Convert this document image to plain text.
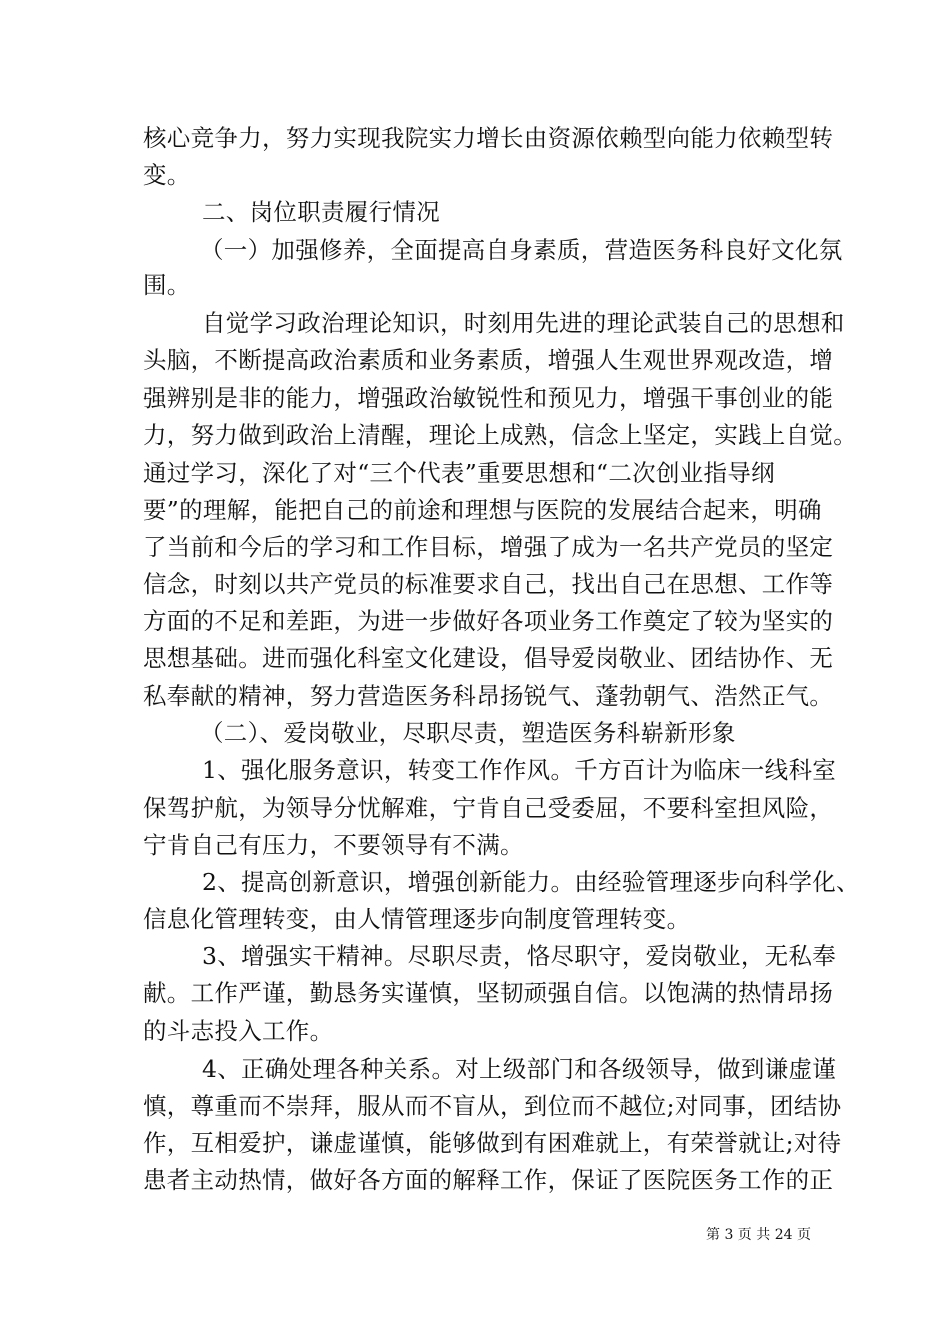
核心竞争力，努力实现我院实力增长由资源依赖型向能力依赖型转
变。
二、岗位职责履行情况
（一）加强修养，全面提高自身素质，营造医务科良好文化氛
围。
自觉学习政治理论知识，时刻用先进的理论武装自己的思想和
头脑，不断提高政治素质和业务素质，增强人生观世界观改造，增
强辨别是非的能力，增强政治敏锐性和预见力，增强干事创业的能
力，努力做到政治上清醒，理论上成熟，信念上坚定，实践上自觉。
通过学习，深化了对“三个代表”重要思想和“二次创业指导纲
要”的理解，能把自己的前途和理想与医院的发展结合起来，明确
了当前和今后的学习和工作目标，增强了成为一名共产党员的坚定
信念，时刻以共产党员的标准要求自己，找出自己在思想、工作等
方面的不足和差距，为进一步做好各项业务工作奠定了较为坚实的
思想基础。进而强化科室文化建设，倡导爱岗敬业、团结协作、无
私奉献的精神，努力营造医务科昂扬锐气、蓬勃朝气、浩然正气。
（二）、爱岗敬业，尽职尽责，塑造医务科崭新形象
1、强化服务意识，转变工作作风。千方百计为临床一线科室
保驾护航，为领导分忧解难，宁肯自己受委屈，不要科室担风险，
宁肯自己有压力，不要领导有不满。
2、提高创新意识，增强创新能力。由经验管理逐步向科学化、
信息化管理转变，由人情管理逐步向制度管理转变。
3、增强实干精神。尽职尽责，恪尽职守，爱岗敬业，无私奉
献。工作严谨，勤恳务实谨慎，坚韧顽强自信。以饱满的热情昂扬
的斗志投入工作。
4、正确处理各种关系。对上级部门和各级领导，做到谦虚谨
慎，尊重而不崇拜，服从而不盲从，到位而不越位;对同事，团结协
作，互相爱护，谦虚谨慎，能够做到有困难就上，有荣誉就让;对待
患者主动热情，做好各方面的解释工作，保证了医院医务工作的正
第 3 页 共 24 页
